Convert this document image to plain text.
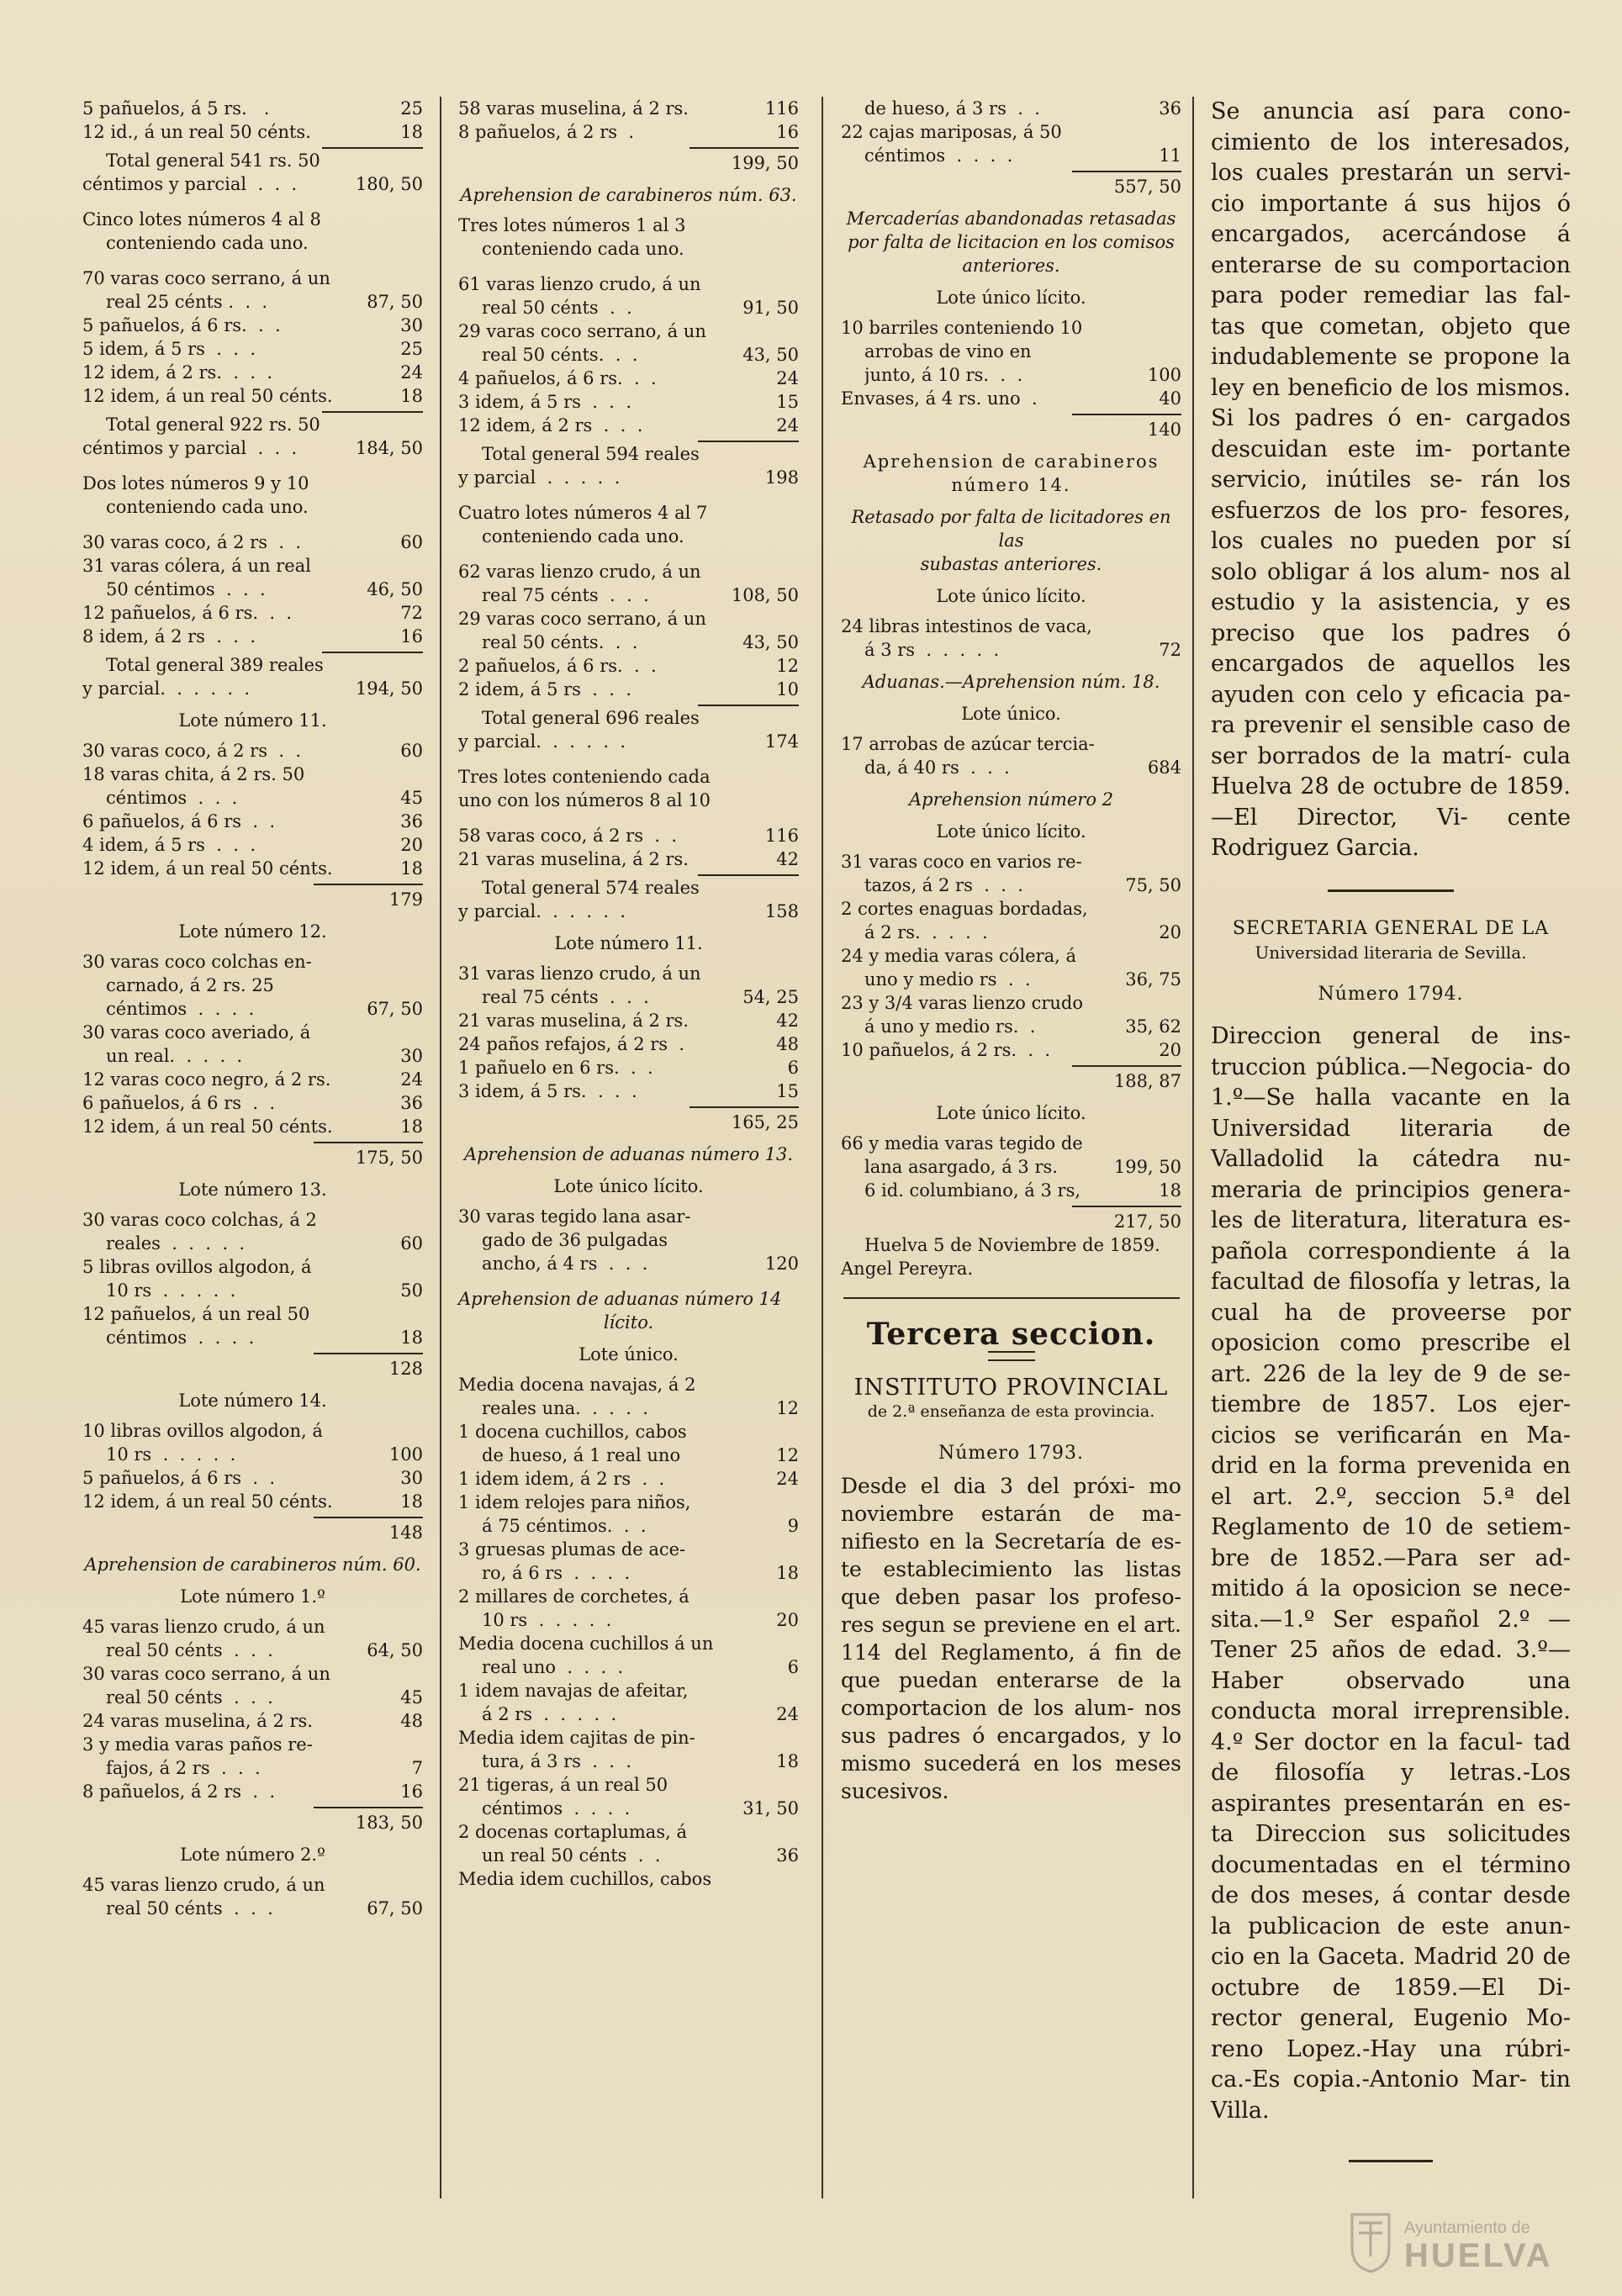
5 pañuelos, á 5 rs.   .	25
12 id., á un real 50 cénts.	18
Total general 541 rs. 50
céntimos y parcial  .  .  .	180, 50
Cinco lotes números 4 al 8
conteniendo cada uno.
70 varas coco serrano, á un
real 25 cénts .  .  .	87, 50
5 pañuelos, á 6 rs.  .  .	30
5 idem, á 5 rs  .  .  .	25
12 idem, á 2 rs.  .  .  .	24
12 idem, á un real 50 cénts.	18
Total general 922 rs. 50
céntimos y parcial  .  .  .	184, 50
Dos lotes números 9 y 10
conteniendo cada uno.
30 varas coco, á 2 rs  .  .	60
31 varas cólera, á un real
50 céntimos  .  .  .	46, 50
12 pañuelos, á 6 rs.  .  .	72
8 idem, á 2 rs  .  .  .	16
Total general 389 reales
y parcial.  .  .  .  .  .	194, 50
Lote número 11.
30 varas coco, á 2 rs  .  .	60
18 varas chita, á 2 rs. 50
céntimos  .  .  .	45
6 pañuelos, á 6 rs  .  .	36
4 idem, á 5 rs  .  .  .	20
12 idem, á un real 50 cénts.	18
179
Lote número 12.
30 varas coco colchas en-
carnado, á 2 rs. 25
céntimos  .  .  .  .	67, 50
30 varas coco averiado, á
un real.  .  .  .  .	30
12 varas coco negro, á 2 rs.	24
6 pañuelos, á 6 rs  .  .	36
12 idem, á un real 50 cénts.	18
175, 50
Lote número 13.
30 varas coco colchas, á 2
reales  .  .  .  .  .	60
5 libras ovillos algodon, á
10 rs  .  .  .  .  .	50
12 pañuelos, á un real 50
céntimos  .  .  .  .	18
128
Lote número 14.
10 libras ovillos algodon, á
10 rs  .  .  .  .  .	100
5 pañuelos, á 6 rs  .  .	30
12 idem, á un real 50 cénts.	18
148
Aprehension de carabineros núm. 60.
Lote número 1.º
45 varas lienzo crudo, á un
real 50 cénts  .  .  .	64, 50
30 varas coco serrano, á un
real 50 cénts  .  .  .	45
24 varas muselina, á 2 rs.	48
3 y media varas paños re-
fajos, á 2 rs  .  .  .	7
8 pañuelos, á 2 rs  .  .	16
183, 50
Lote número 2.º
45 varas lienzo crudo, á un
real 50 cénts  .  .  .	67, 50
58 varas muselina, á 2 rs.	116
8 pañuelos, á 2 rs  .	16
199, 50
Aprehension de carabineros núm. 63.
Tres lotes números 1 al 3
conteniendo cada uno.
61 varas lienzo crudo, á un
real 50 cénts  .  .	91, 50
29 varas coco serrano, á un
real 50 cénts.  .  .	43, 50
4 pañuelos, á 6 rs.  .  .	24
3 idem, á 5 rs  .  .  .	15
12 idem, á 2 rs  .  .  .	24
Total general 594 reales
y parcial  .  .  .  .  .	198
Cuatro lotes números 4 al 7
conteniendo cada uno.
62 varas lienzo crudo, á un
real 75 cénts  .  .  .	108, 50
29 varas coco serrano, á un
real 50 cénts.  .  .	43, 50
2 pañuelos, á 6 rs.  .  .	12
2 idem, á 5 rs  .  .  .	10
Total general 696 reales
y parcial.  .  .  .  .  .	174
Tres lotes conteniendo cada
uno con los números 8 al 10
58 varas coco, á 2 rs  .  .	116
21 varas muselina, á 2 rs.	42
Total general 574 reales
y parcial.  .  .  .  .  .	158
Lote número 11.
31 varas lienzo crudo, á un
real 75 cénts  .  .  .	54, 25
21 varas muselina, á 2 rs.	42
24 paños refajos, á 2 rs  .	48
1 pañuelo en 6 rs.  .  .	6
3 idem, á 5 rs.  .  .  .	15
165, 25
Aprehension de aduanas número 13.
Lote único lícito.
30 varas tegido lana asar-
gado de 36 pulgadas
ancho, á 4 rs  .  .  .	120
Aprehension de aduanas número 14
lícito.
Lote único.
Media docena navajas, á 2
reales una.  .  .  .  .	12
1 docena cuchillos, cabos
de hueso, á 1 real uno	12
1 idem idem, á 2 rs  .  .	24
1 idem relojes para niños,
á 75 céntimos.  .  .	9
3 gruesas plumas de ace-
ro, á 6 rs  .  .  .  .	18
2 millares de corchetes, á
10 rs  .  .  .  .  .	20
Media docena cuchillos á un
real uno  .  .  .  .	6
1 idem navajas de afeitar,
á 2 rs  .  .  .  .  .	24
Media idem cajitas de pin-
tura, á 3 rs  .  .  .	18
21 tigeras, á un real 50
céntimos  .  .  .  .	31, 50
2 docenas cortaplumas, á
un real 50 cénts  .  .	36
Media idem cuchillos, cabos
de hueso, á 3 rs  .  .	36
22 cajas mariposas, á 50
céntimos  .  .  .  .	11
557, 50
Mercaderías abandonadas retasadas
por falta de licitacion en los comisos
anteriores.
Lote único lícito.
10 barriles conteniendo 10
arrobas de vino en
junto, á 10 rs.  .  .	100
Envases, á 4 rs. uno  .	40
140
Aprehension de carabineros
número 14.
Retasado por falta de licitadores en las
subastas anteriores.
Lote único lícito.
24 libras intestinos de vaca,
á 3 rs  .  .  .  .  .	72
Aduanas.—Aprehension núm. 18.
Lote único.
17 arrobas de azúcar tercia-
da, á 40 rs  .  .  .	684
Aprehension número 2
Lote único lícito.
31 varas coco en varios re-
tazos, á 2 rs  .  .  .	75, 50
2 cortes enaguas bordadas,
á 2 rs.  .  .  .  .	20
24 y media varas cólera, á
uno y medio rs  .  .	36, 75
23 y 3/4 varas lienzo crudo
á uno y medio rs.  .	35, 62
10 pañuelos, á 2 rs.  .  .	20
188, 87
Lote único lícito.
66 y media varas tegido de
lana asargado, á 3 rs.	199, 50
6 id. columbiano, á 3 rs,	18
217, 50
Huelva 5 de Noviembre de 1859.
Angel Pereyra.
Tercera seccion.
INSTITUTO PROVINCIAL
de 2.ª enseñanza de esta provincia.
Número 1793.
Desde el dia 3 del próxi- mo noviembre estarán de ma- nifiesto en la Secretaría de es- te establecimiento las listas que deben pasar los profeso- res segun se previene en el art. 114 del Reglamento, á fin de que puedan enterarse de la comportacion de los alum- nos sus padres ó encargados, y lo mismo sucederá en los meses sucesivos.
Se anuncia así para cono- cimiento de los interesados, los cuales prestarán un servi- cio importante á sus hijos ó encargados, acercándose á enterarse de su comportacion para poder remediar las fal- tas que cometan, objeto que indudablemente se propone la ley en beneficio de los mismos. Si los padres ó en- cargados descuidan este im- portante servicio, inútiles se- rán los esfuerzos de los pro- fesores, los cuales no pueden por sí solo obligar á los alum- nos al estudio y la asistencia, y es preciso que los padres ó encargados de aquellos les ayuden con celo y eficacia pa- ra prevenir el sensible caso de ser borrados de la matrí- cula Huelva 28 de octubre de 1859.—El Director, Vi- cente Rodriguez Garcia.
SECRETARIA GENERAL DE LA
Universidad literaria de Sevilla.
Número 1794.
Direccion general de ins- truccion pública.—Negocia- do 1.º—Se halla vacante en la Universidad literaria de Valladolid la cátedra nu- meraria de principios genera- les de literatura, literatura es- pañola correspondiente á la facultad de filosofía y letras, la cual ha de proveerse por oposicion como prescribe el art. 226 de la ley de 9 de se- tiembre de 1857. Los ejer- cicios se verificarán en Ma- drid en la forma prevenida en el art. 2.º, seccion 5.ª del Reglamento de 10 de setiem- bre de 1852.—Para ser ad- mitido á la oposicion se nece- sita.—1.º Ser español 2.º —Tener 25 años de edad. 3.º—Haber observado una conducta moral irreprensible. 4.º Ser doctor en la facul- tad de filosofía y letras.-Los aspirantes presentarán en es- ta Direccion sus solicitudes documentadas en el término de dos meses, á contar desde la publicacion de este anun- cio en la Gaceta. Madrid 20 de octubre de 1859.—El Di- rector general, Eugenio Mo- reno Lopez.-Hay una rúbri- ca.-Es copia.-Antonio Mar- tin Villa.
Ayuntamiento de
HUELVA
